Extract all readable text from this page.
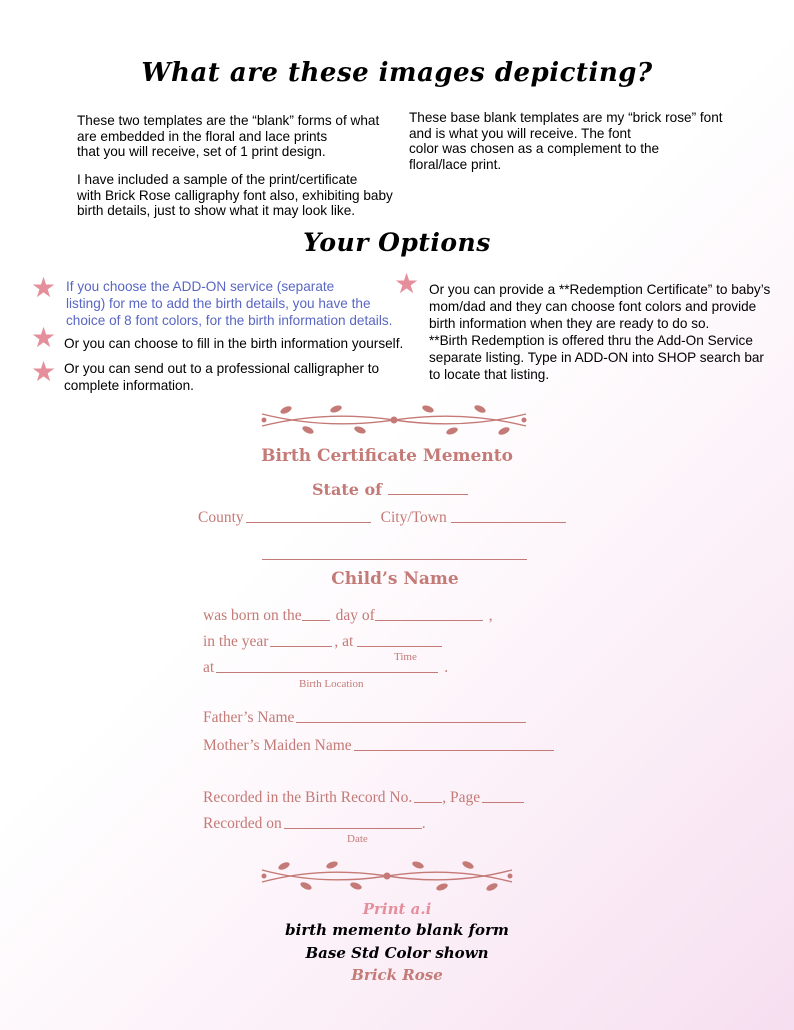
What are these images depicting?
These two templates are the “blank” forms of what
are embedded in the floral and lace prints
that you will receive, set of 1 print design.
I have included a sample of the print/certificate
with Brick Rose calligraphy font also, exhibiting baby
birth details, just to show what it may look like.
These base blank templates are my “brick rose” font
and is what you will receive. The font
color was chosen as a complement to the
floral/lace print.
Your Options
★ If you choose the ADD-ON service (separate
listing) for me to add the birth details, you have the
choice of 8 font colors, for the birth information details.
★ Or you can choose to fill in the birth information yourself.
★ Or you can send out to a professional calligrapher to
complete information.
★ Or you can provide a **Redemption Certificate” to baby’s
mom/dad and they can choose font colors and provide
birth information when they are ready to do so.
**Birth Redemption is offered thru the Add-On Service
separate listing. Type in ADD-ON into SHOP search bar
to locate that listing.
Birth Certificate Memento
State of
County	City/Town
Child’s Name
was born on the day of	,
in the year	, at
Time
at	.
Birth Location
Father’s Name
Mother’s Maiden Name
Recorded in the Birth Record No. , Page
Recorded on	.
Date
Print a.i
birth memento blank form
Base Std Color shown
Brick Rose
